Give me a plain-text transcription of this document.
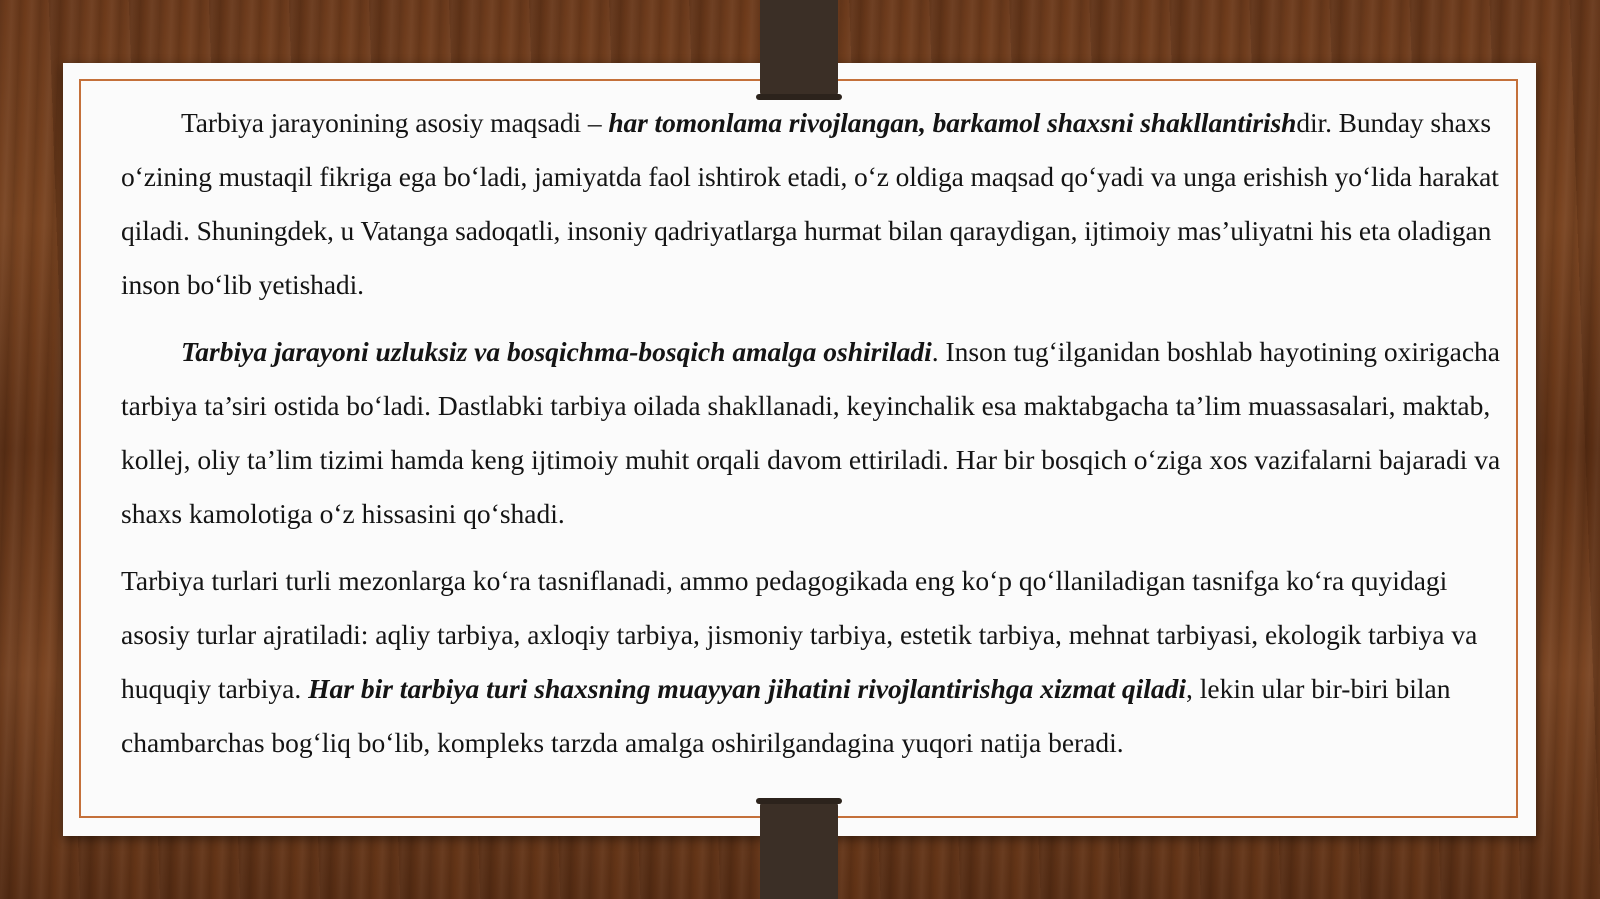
Tarbiya jarayonining asosiy maqsadi – har tomonlama rivojlangan, barkamol shaxsni shakllantirishdir. Bunday shaxs o‘zining mustaqil fikriga ega bo‘ladi, jamiyatda faol ishtirok etadi, o‘z oldiga maqsad qo‘yadi va unga erishish yo‘lida harakat qiladi. Shuningdek, u Vatanga sadoqatli, insoniy qadriyatlarga hurmat bilan qaraydigan, ijtimoiy mas’uliyatni his eta oladigan inson bo‘lib yetishadi.

Tarbiya jarayoni uzluksiz va bosqichma-bosqich amalga oshiriladi. Inson tug‘ilganidan boshlab hayotining oxirigacha tarbiya ta’siri ostida bo‘ladi. Dastlabki tarbiya oilada shakllanadi, keyinchalik esa maktabgacha ta’lim muassasalari, maktab, kollej, oliy ta’lim tizimi hamda keng ijtimoiy muhit orqali davom ettiriladi. Har bir bosqich o‘ziga xos vazifalarni bajaradi va shaxs kamolotiga o‘z hissasini qo‘shadi.

Tarbiya turlari turli mezonlarga ko‘ra tasniflanadi, ammo pedagogikada eng ko‘p qo‘llaniladigan tasnifga ko‘ra quyidagi asosiy turlar ajratiladi: aqliy tarbiya, axloqiy tarbiya, jismoniy tarbiya, estetik tarbiya, mehnat tarbiyasi, ekologik tarbiya va huquqiy tarbiya. Har bir tarbiya turi shaxsning muayyan jihatini rivojlantirishga xizmat qiladi, lekin ular bir-biri bilan chambarchas bog‘liq bo‘lib, kompleks tarzda amalga oshirilgandagina yuqori natija beradi.
